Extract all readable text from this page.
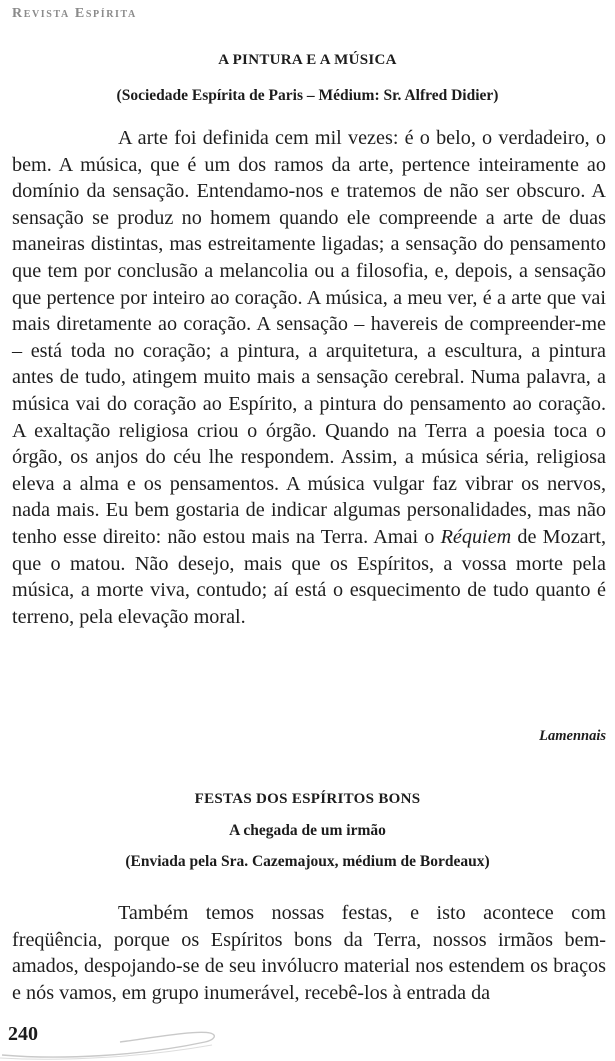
Revista Espírita

A PINTURA E A MÚSICA

(Sociedade Espírita de Paris – Médium: Sr. Alfred Didier)

A arte foi definida cem mil vezes: é o belo, o verdadeiro, o bem. A música, que é um dos ramos da arte, pertence inteiramente ao domínio da sensação. Entendamo-nos e tratemos de não ser obscuro. A sensação se produz no homem quando ele compreende a arte de duas maneiras distintas, mas estreitamente ligadas; a sensação do pensamento que tem por conclusão a melancolia ou a filosofia, e, depois, a sensação que pertence por inteiro ao coração. A música, a meu ver, é a arte que vai mais diretamente ao coração. A sensação – havereis de compreender-me – está toda no coração; a pintura, a arquitetura, a escultura, a pintura antes de tudo, atingem muito mais a sensação cerebral. Numa palavra, a música vai do coração ao Espírito, a pintura do pensamento ao coração. A exaltação religiosa criou o órgão. Quando na Terra a poesia toca o órgão, os anjos do céu lhe respondem. Assim, a música séria, religiosa eleva a alma e os pensamentos. A música vulgar faz vibrar os nervos, nada mais. Eu bem gostaria de indicar algumas personalidades, mas não tenho esse direito: não estou mais na Terra. Amai o Réquiem de Mozart, que o matou. Não desejo, mais que os Espíritos, a vossa morte pela música, a morte viva, contudo; aí está o esquecimento de tudo quanto é terreno, pela elevação moral.

Lamennais

FESTAS DOS ESPÍRITOS BONS

A chegada de um irmão

(Enviada pela Sra. Cazemajoux, médium de Bordeaux)

Também temos nossas festas, e isto acontece com freqüência, porque os Espíritos bons da Terra, nossos irmãos bem-amados, despojando-se de seu invólucro material nos estendem os braços e nós vamos, em grupo inumerável, recebê-los à entrada da

240
